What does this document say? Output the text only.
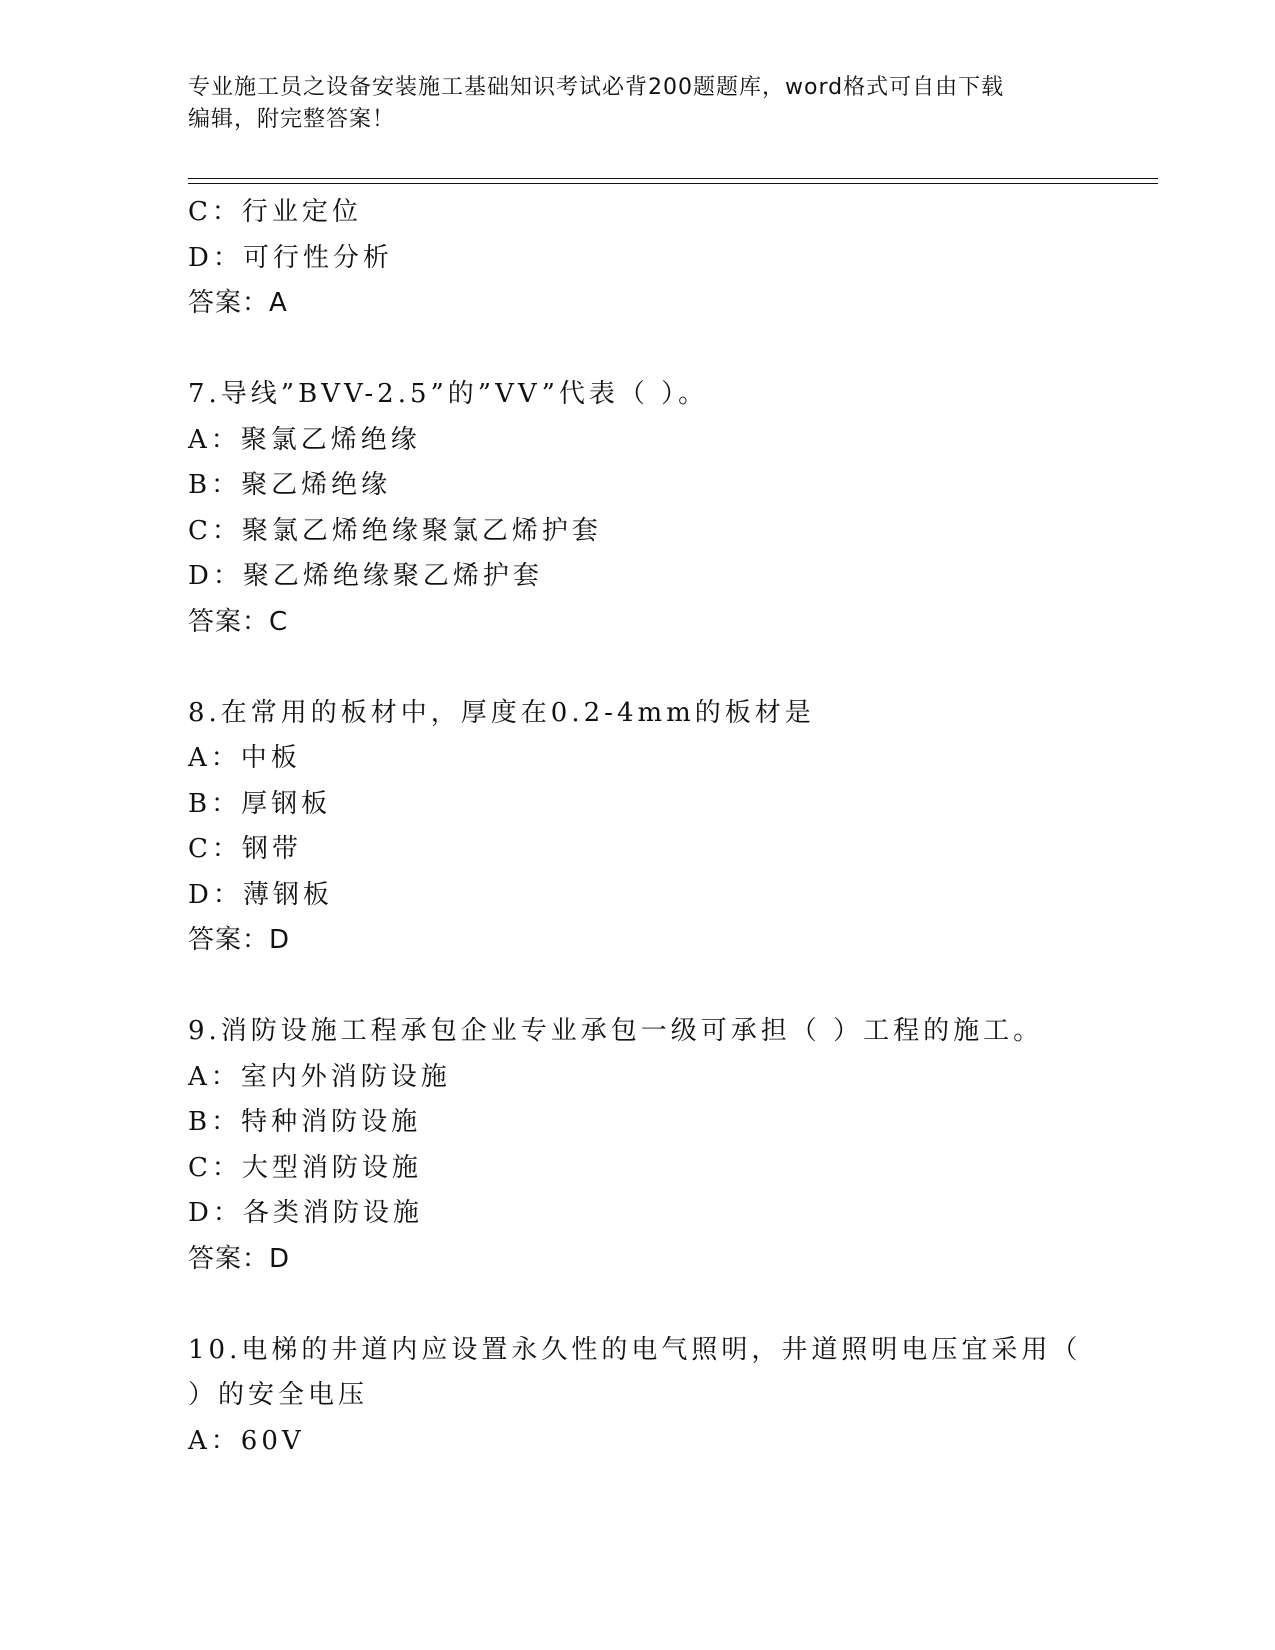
专业施工员之设备安装施工基础知识考试必背200题题库，word格式可自由下载
编辑，附完整答案！
C：行业定位
D：可行性分析
答案：A
7.导线”BVV-2.5”的”VV”代表（ ）。
A：聚氯乙烯绝缘
B：聚乙烯绝缘
C：聚氯乙烯绝缘聚氯乙烯护套
D：聚乙烯绝缘聚乙烯护套
答案：C
8.在常用的板材中，厚度在0.2-4mm的板材是
A：中板
B：厚钢板
C：钢带
D：薄钢板
答案：D
9.消防设施工程承包企业专业承包一级可承担（ ）工程的施工。
A：室内外消防设施
B：特种消防设施
C：大型消防设施
D：各类消防设施
答案：D
10.电梯的井道内应设置永久性的电气照明，井道照明电压宜采用（
）的安全电压
A：60V
